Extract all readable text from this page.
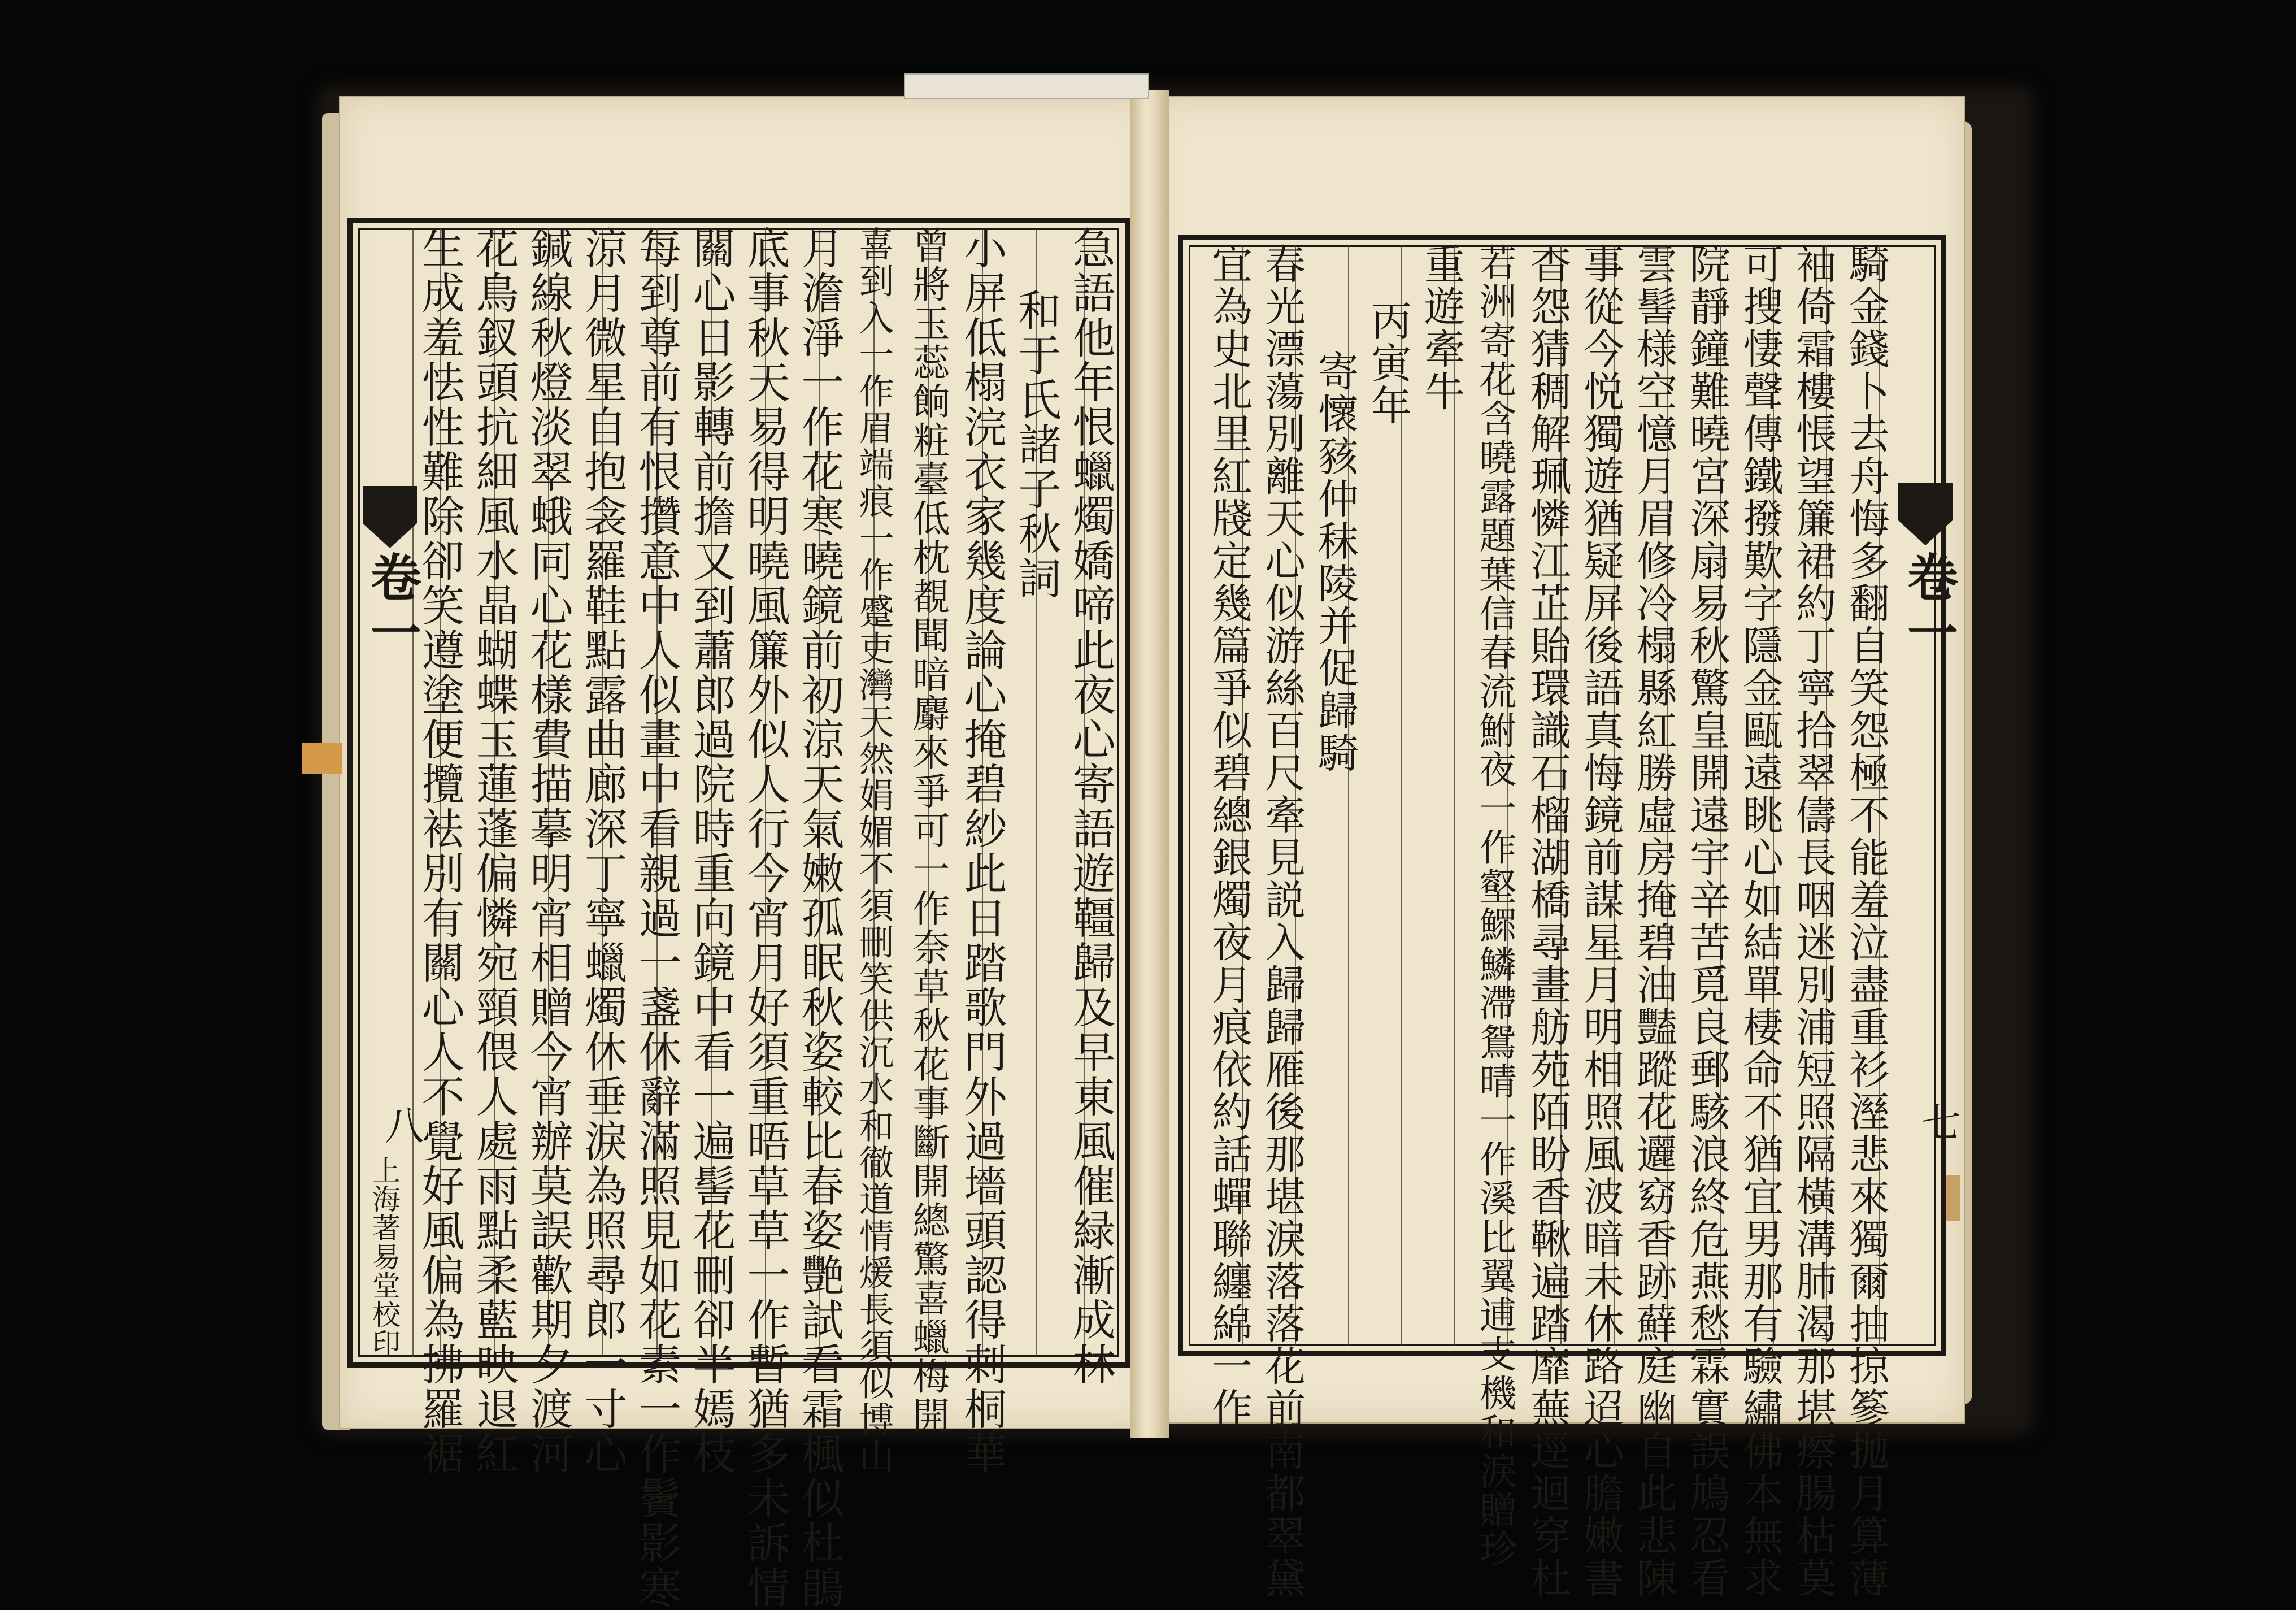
卷一
八
上海著易堂校印	急語他年恨蠟燭嬌啼此夜心寄語遊韁歸及早東風催緑漸成林
和于氏諸子秋詞
小屏低榻浣衣家幾度論心掩碧紗此日踏歌門外過墻頭認得刺桐華
曾將玉蕊餉粧臺低枕覩聞暗麝來爭可一作奈草秋花事斷開總驚喜蠟梅開
喜到入一作眉端痕一作蹙吏灣天然娟媚不須刪笑供沉水和徹道情煖長須似博山
月澹淨一作花寒曉鏡前初涼天氣嫩孤眠秋姿較比春姿艷試看霜楓似杜鵑
底事秋天易得明曉風簾外似人行今宵月好須重晤草草一作暫猶多未訴情
關心日影轉前擔又到蕭郎過院時重向鏡中看一遍髻花刪卻半嫣枝
每到尊前有恨攢意中人似畫中看親過一盞休辭滿照見如花素一作鬢影寒
涼月微星自抱衾羅鞋點露曲廊深丁寧蠟燭休垂淚為照尋郎一寸心
鍼線秋燈淡翠蛾同心花樣費描摹明宵相贈今宵辦莫誤歡期夕渡河
花鳥釵頭抗細風水晶蝴蝶玉蓮蓬偏憐宛頸偎人處雨點柔藍映退紅
生成羞怯性難除卻笑遵塗便攬袪別有關心人不覺好風偏為拂羅裾	卷一
七
騎金錢卜去舟悔多翻自笑怨極不能羞泣盡重衫溼悲來獨爾抽掠篸拋月算薄
袖倚霜樓悵望簾裙約丁寧拾翠儔長咽迷別浦短照隔橫溝肺渴那堪瘵腸枯莫
可搜悽聲傳鐵撥歎字隱金甌遠眺心如結單棲命不猶宜男那有驗繡佛本無求
院靜鐘難曉宮深扇易秋驚皇開遠宇辛苦覓良郵駭浪終危燕愁霖實誤鳩忍看
雲髻様空憶月眉修冷榻縣紅勝虛房掩碧油豔蹤花邐窈香跡蘚庭幽自此悲陳
事從今悦獨遊猶疑屏後語真悔鏡前謀星月明相照風波暗未休路迢心膽嫩書
杳怨猜稠解珮憐江芷貽環識石榴湖橋尋畫舫苑陌盼香鞦遍踏靡蕪逕迴穿杜
若洲寄花含曉露題葉信春流鮒夜一作壑鰥鱗滯鴛晴一作溪比翼逋支機和淚贈珍
重遊牽牛
丙寅年
寄懷豥仲秣陵并促歸騎
春光漂蕩別離天心似游絲百尺牽見説入歸歸雁後那堪淚落落花前南都翠黛
宜為史北里紅牋定幾篇爭似碧總銀燭夜月痕依約話蟬聯纏綿一作
